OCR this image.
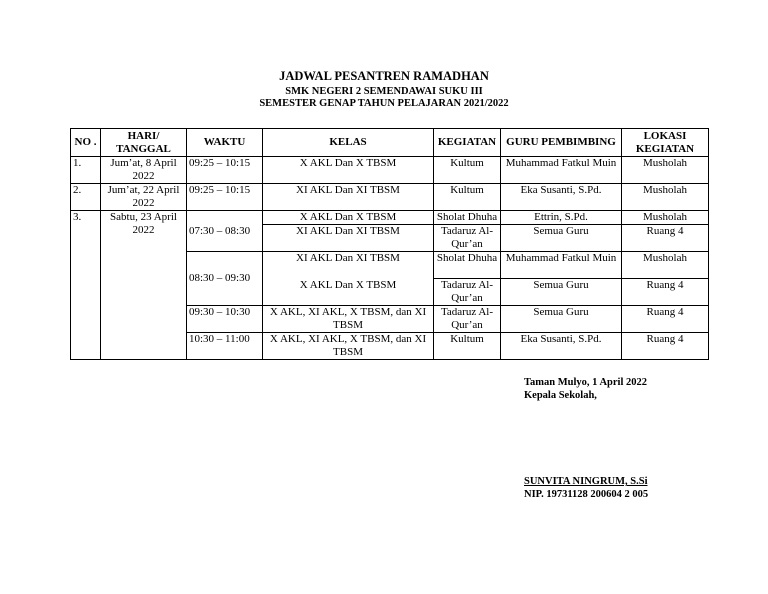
JADWAL PESANTREN RAMADHAN
SMK NEGERI 2 SEMENDAWAI SUKU III
SEMESTER GENAP TAHUN PELAJARAN 2021/2022
NO .	HARI/ TANGGAL	WAKTU	KELAS	KEGIATAN	GURU PEMBIMBING	LOKASI KEGIATAN
1.	Jum’at, 8 April 2022	09:25 – 10:15	X AKL Dan X TBSM	Kultum	Muhammad Fatkul Muin	Musholah
2.	Jum’at, 22 April 2022	09:25 – 10:15	XI AKL Dan XI TBSM	Kultum	Eka Susanti, S.Pd.	Musholah
3.	Sabtu, 23 April 2022	07:30 – 08:30	X AKL Dan X TBSM	Sholat Dhuha	Ettrin, S.Pd.	Musholah
			XI AKL Dan XI TBSM	Tadaruz Al-Qur’an	Semua Guru	Ruang 4
		08:30 – 09:30	XI AKL Dan XI TBSM	Sholat Dhuha	Muhammad Fatkul Muin	Musholah
			X AKL Dan X TBSM	Tadaruz Al-Qur’an	Semua Guru	Ruang 4
		09:30 – 10:30	X AKL, XI AKL, X TBSM, dan XI TBSM	Tadaruz Al-Qur’an	Semua Guru	Ruang 4
		10:30 – 11:00	X AKL, XI AKL, X TBSM, dan XI TBSM	Kultum	Eka Susanti, S.Pd.	Ruang 4
Taman Mulyo, 1 April 2022
Kepala Sekolah,
SUNVITA NINGRUM, S.Si
NIP. 19731128 200604 2 005
